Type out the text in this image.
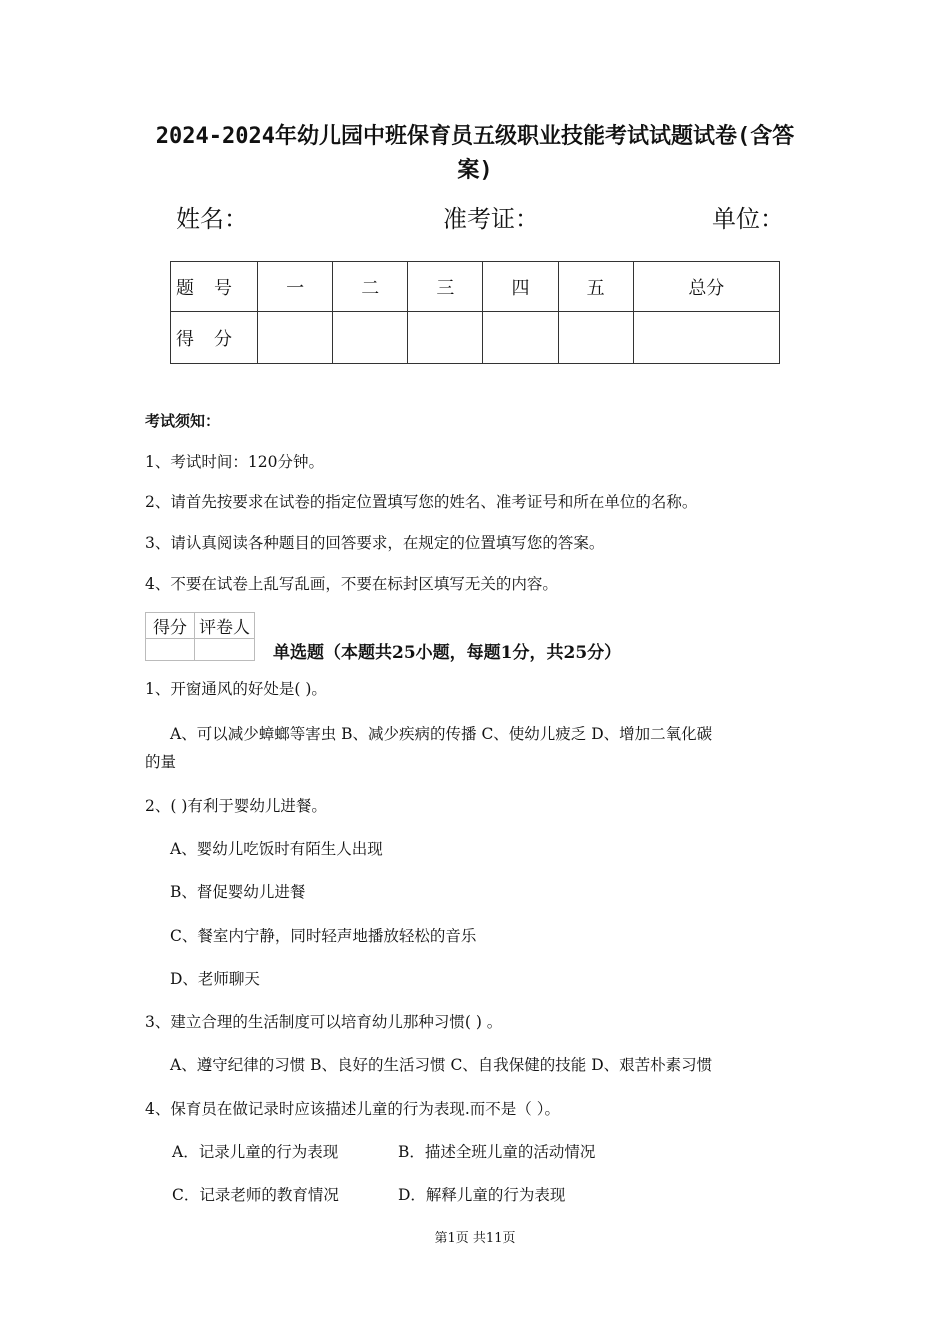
2024-2024年幼儿园中班保育员五级职业技能考试试题试卷(含答案)
姓名：	准考证：	单位：
题号	一	二	三	四	五	总分
得分						
考试须知：
1、考试时间：120分钟。
2、请首先按要求在试卷的指定位置填写您的姓名、准考证号和所在单位的名称。
3、请认真阅读各种题目的回答要求，在规定的位置填写您的答案。
4、不要在试卷上乱写乱画，不要在标封区填写无关的内容。
得分	评卷人

单选题（本题共25小题，每题1分，共25分）
1、开窗通风的好处是( )。
A、可以减少蟑螂等害虫 B、减少疾病的传播 C、使幼儿疲乏 D、增加二氧化碳
的量
2、( )有利于婴幼儿进餐。
A、婴幼儿吃饭时有陌生人出现
B、督促婴幼儿进餐
C、餐室内宁静，同时轻声地播放轻松的音乐
D、老师聊天
3、建立合理的生活制度可以培育幼儿那种习惯( ) 。
A、遵守纪律的习惯 B、良好的生活习惯 C、自我保健的技能 D、艰苦朴素习惯
4、保育员在做记录时应该描述儿童的行为表现.而不是（ ）。
A．记录儿童的行为表现	B．描述全班儿童的活动情况
C．记录老师的教育情况	D．解释儿童的行为表现
第1页 共11页
